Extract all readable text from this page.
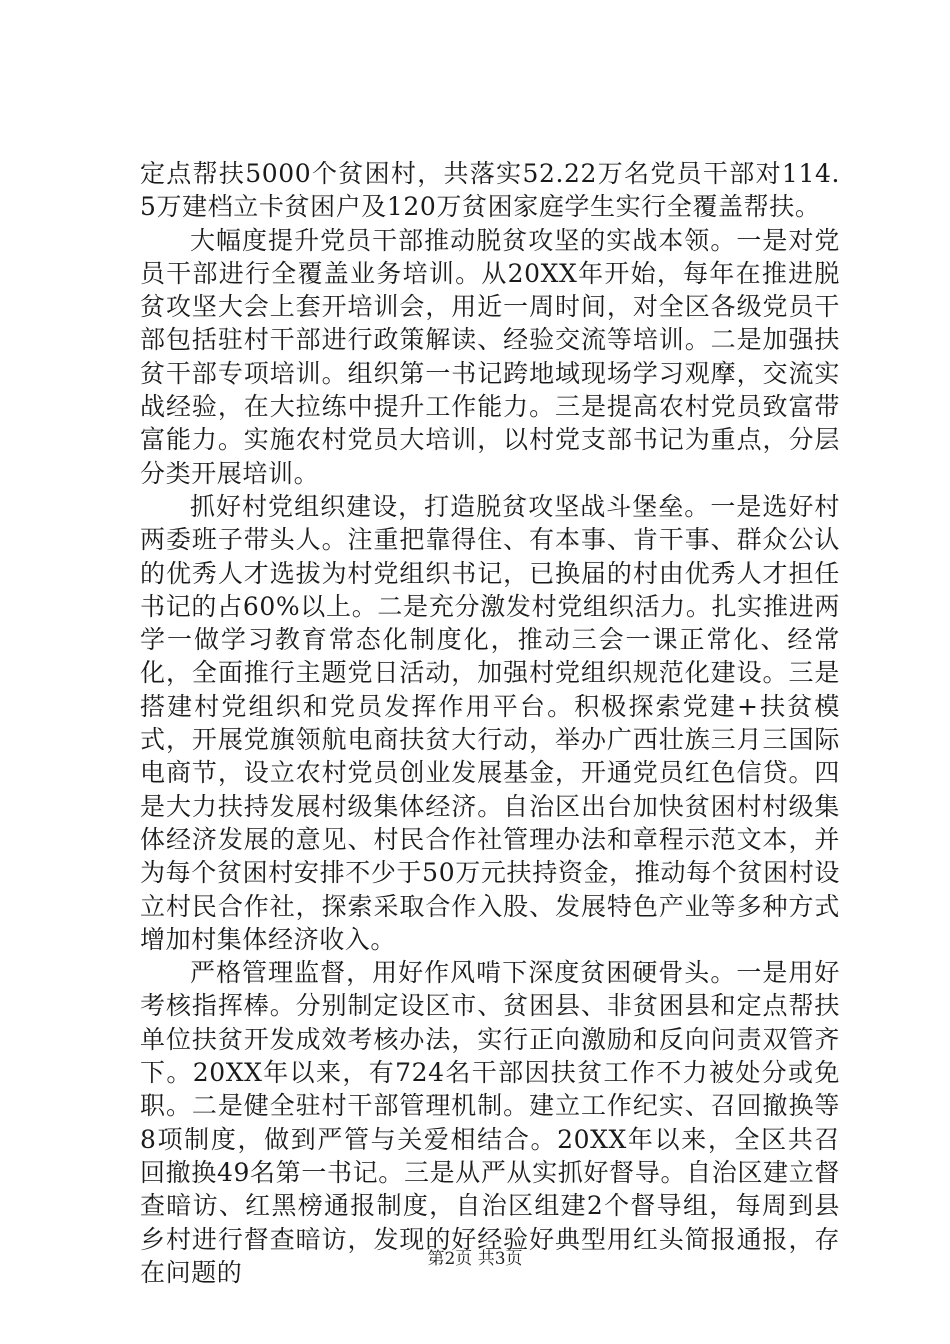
定点帮扶5000个贫困村，共落实52.22万名党员干部对114.5万建档立卡贫困户及120万贫困家庭学生实行全覆盖帮扶。

大幅度提升党员干部推动脱贫攻坚的实战本领。一是对党员干部进行全覆盖业务培训。从20XX年开始，每年在推进脱贫攻坚大会上套开培训会，用近一周时间，对全区各级党员干部包括驻村干部进行政策解读、经验交流等培训。二是加强扶贫干部专项培训。组织第一书记跨地域现场学习观摩，交流实战经验，在大拉练中提升工作能力。三是提高农村党员致富带富能力。实施农村党员大培训，以村党支部书记为重点，分层分类开展培训。

抓好村党组织建设，打造脱贫攻坚战斗堡垒。一是选好村两委班子带头人。注重把靠得住、有本事、肯干事、群众公认的优秀人才选拔为村党组织书记，已换届的村由优秀人才担任书记的占60%以上。二是充分激发村党组织活力。扎实推进两学一做学习教育常态化制度化，推动三会一课正常化、经常化，全面推行主题党日活动，加强村党组织规范化建设。三是搭建村党组织和党员发挥作用平台。积极探索党建+扶贫模式，开展党旗领航电商扶贫大行动，举办广西壮族三月三国际电商节，设立农村党员创业发展基金，开通党员红色信贷。四是大力扶持发展村级集体经济。自治区出台加快贫困村村级集体经济发展的意见、村民合作社管理办法和章程示范文本，并为每个贫困村安排不少于50万元扶持资金，推动每个贫困村设立村民合作社，探索采取合作入股、发展特色产业等多种方式增加村集体经济收入。

严格管理监督，用好作风啃下深度贫困硬骨头。一是用好考核指挥棒。分别制定设区市、贫困县、非贫困县和定点帮扶单位扶贫开发成效考核办法，实行正向激励和反向问责双管齐下。20XX年以来，有724名干部因扶贫工作不力被处分或免职。二是健全驻村干部管理机制。建立工作纪实、召回撤换等8项制度，做到严管与关爱相结合。20XX年以来，全区共召回撤换49名第一书记。三是从严从实抓好督导。自治区建立督查暗访、红黑榜通报制度，自治区组建2个督导组，每周到县乡村进行督查暗访，发现的好经验好典型用红头简报通报，存在问题的	第2页 共3页
